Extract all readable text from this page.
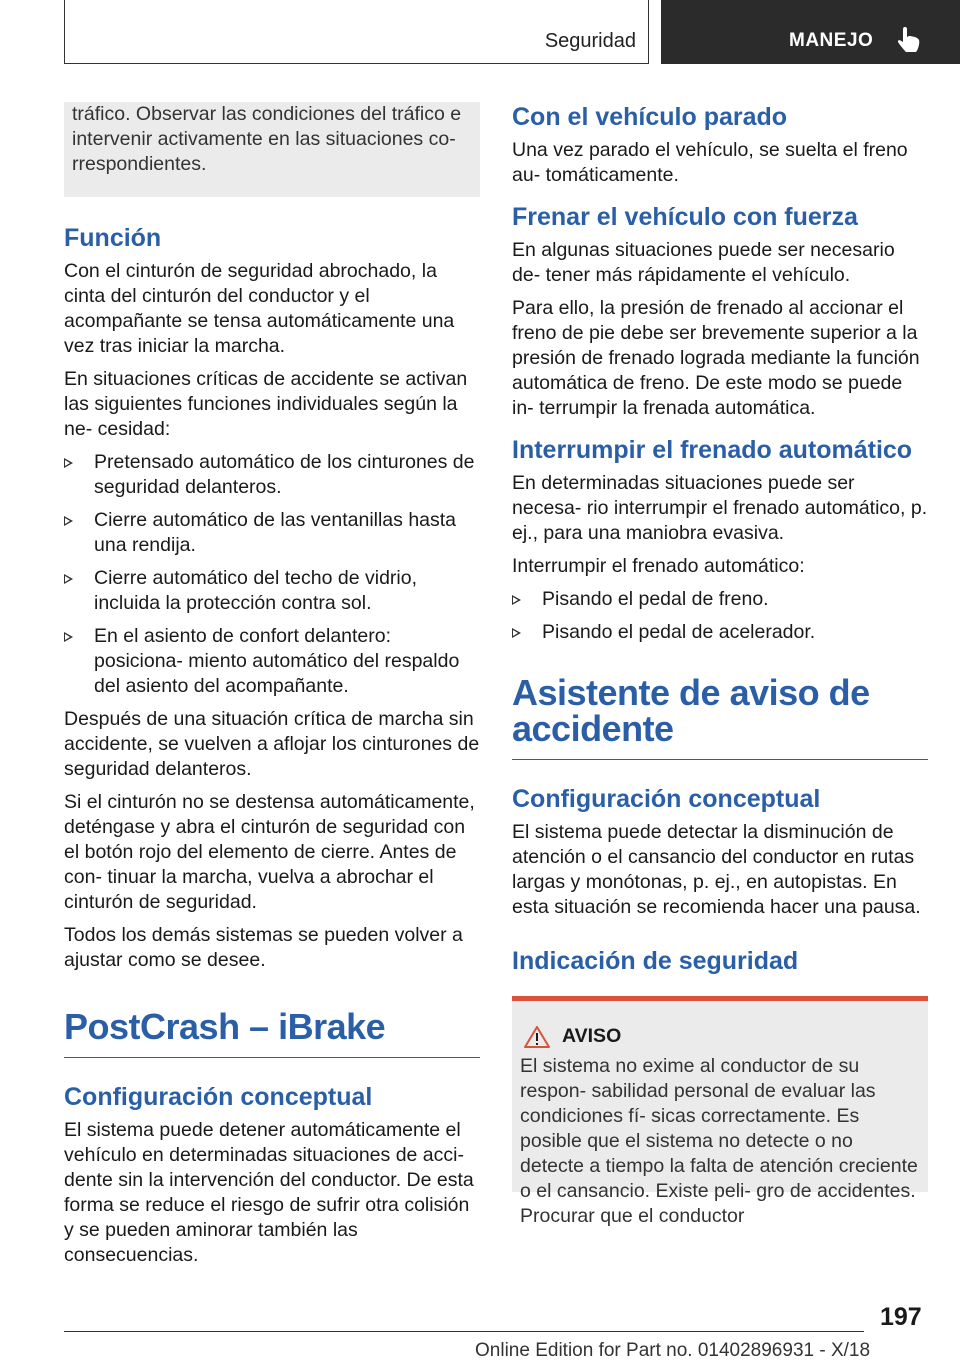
Seguridad	MANEJO

tráfico. Observar las condiciones del tráfico e

intervenir activamente en las situaciones co-

rrespondientes.

Función

Con el cinturón de seguridad abrochado, la cinta del cinturón del conductor y el acompañante se tensa automáticamente una vez tras iniciar la marcha.

En situaciones críticas de accidente se activan las siguientes funciones individuales según la ne- cesidad:

Pretensado automático de los cinturones de seguridad delanteros.
Cierre automático de las ventanillas hasta una rendija.
Cierre automático del techo de vidrio, incluida la protección contra sol.
En el asiento de confort delantero: posiciona- miento automático del respaldo del asiento del acompañante.

Después de una situación crítica de marcha sin accidente, se vuelven a aflojar los cinturones de seguridad delanteros.

Si el cinturón no se destensa automáticamente, deténgase y abra el cinturón de seguridad con el botón rojo del elemento de cierre. Antes de con- tinuar la marcha, vuelva a abrochar el cinturón de seguridad.

Todos los demás sistemas se pueden volver a ajustar como se desee.

PostCrash – iBrake
Configuración conceptual

El sistema puede detener automáticamente el vehículo en determinadas situaciones de acci- dente sin la intervención del conductor. De esta forma se reduce el riesgo de sufrir otra colisión y se pueden aminorar también las consecuencias.

Con el vehículo parado

Una vez parado el vehículo, se suelta el freno au- tomáticamente.

Frenar el vehículo con fuerza

En algunas situaciones puede ser necesario de- tener más rápidamente el vehículo.

Para ello, la presión de frenado al accionar el freno de pie debe ser brevemente superior a la presión de frenado lograda mediante la función automática de freno. De este modo se puede in- terrumpir la frenada automática.

Interrumpir el frenado automático

En determinadas situaciones puede ser necesa- rio interrumpir el frenado automático, p. ej., para una maniobra evasiva.

Interrumpir el frenado automático:

Pisando el pedal de freno.
Pisando el pedal de acelerador.
Asistente de aviso de accidente
Configuración conceptual

El sistema puede detectar la disminución de atención o el cansancio del conductor en rutas largas y monótonas, p. ej., en autopistas. En esta situación se recomienda hacer una pausa.

Indicación de seguridad
AVISO

El sistema no exime al conductor de su respon- sabilidad personal de evaluar las condiciones fí- sicas correctamente. Es posible que el sistema no detecte o no detecte a tiempo la falta de atención creciente o el cansancio. Existe peli- gro de accidentes. Procurar que el conductor

197
Online Edition for Part no. 01402896931 - X/18
